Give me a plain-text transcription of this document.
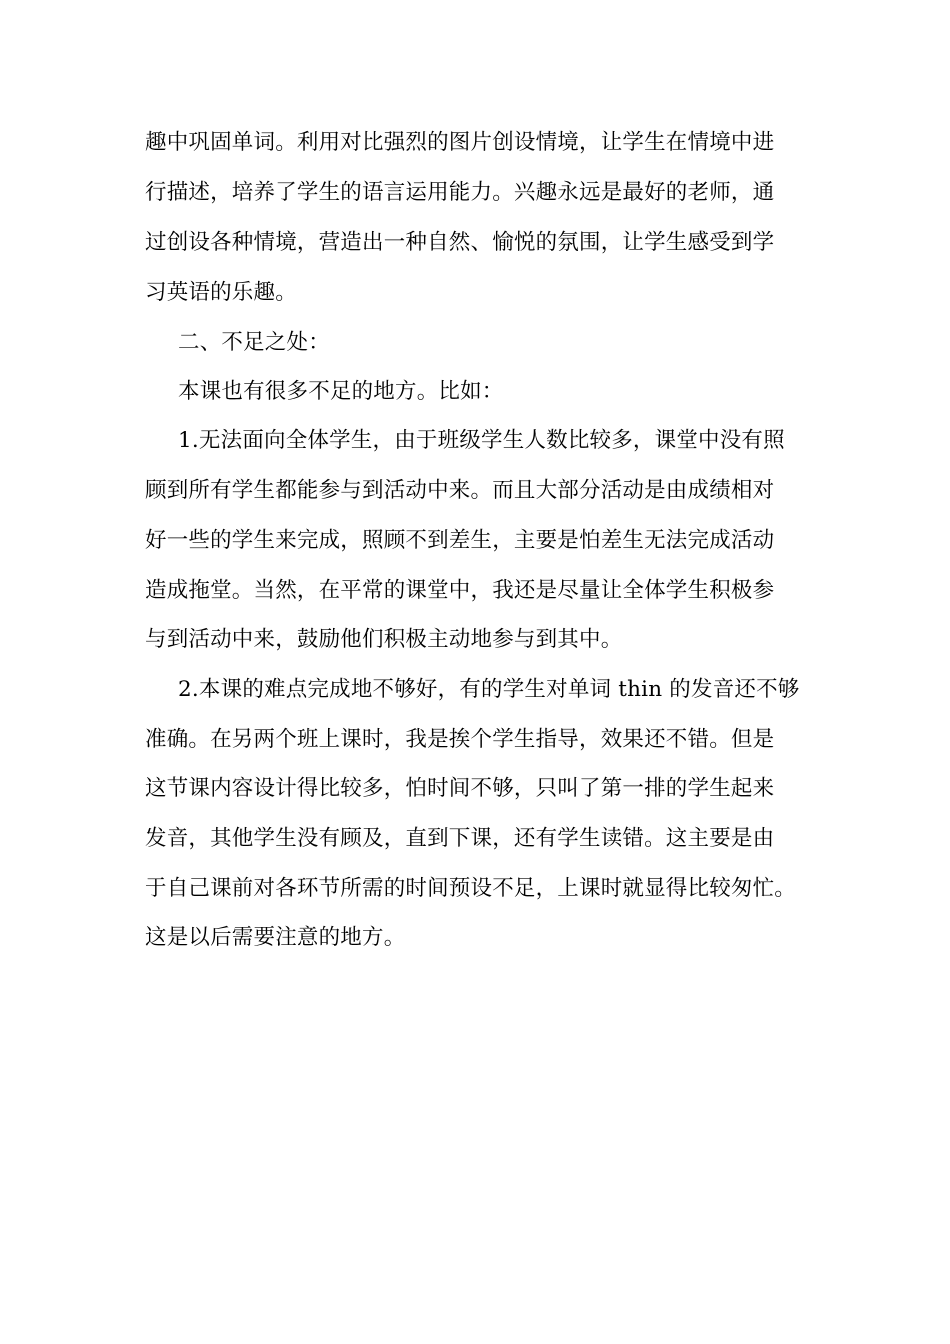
趣中巩固单词。利用对比强烈的图片创设情境，让学生在情境中进
行描述，培养了学生的语言运用能力。兴趣永远是最好的老师，通
过创设各种情境，营造出一种自然、愉悦的氛围，让学生感受到学
习英语的乐趣。
二、不足之处：
本课也有很多不足的地方。比如：
1.无法面向全体学生，由于班级学生人数比较多，课堂中没有照
顾到所有学生都能参与到活动中来。而且大部分活动是由成绩相对
好一些的学生来完成，照顾不到差生，主要是怕差生无法完成活动
造成拖堂。当然，在平常的课堂中，我还是尽量让全体学生积极参
与到活动中来，鼓励他们积极主动地参与到其中。
2.本课的难点完成地不够好，有的学生对单词 thin 的发音还不够
准确。在另两个班上课时，我是挨个学生指导，效果还不错。但是
这节课内容设计得比较多，怕时间不够，只叫了第一排的学生起来
发音，其他学生没有顾及，直到下课，还有学生读错。这主要是由
于自己课前对各环节所需的时间预设不足，上课时就显得比较匆忙。
这是以后需要注意的地方。
